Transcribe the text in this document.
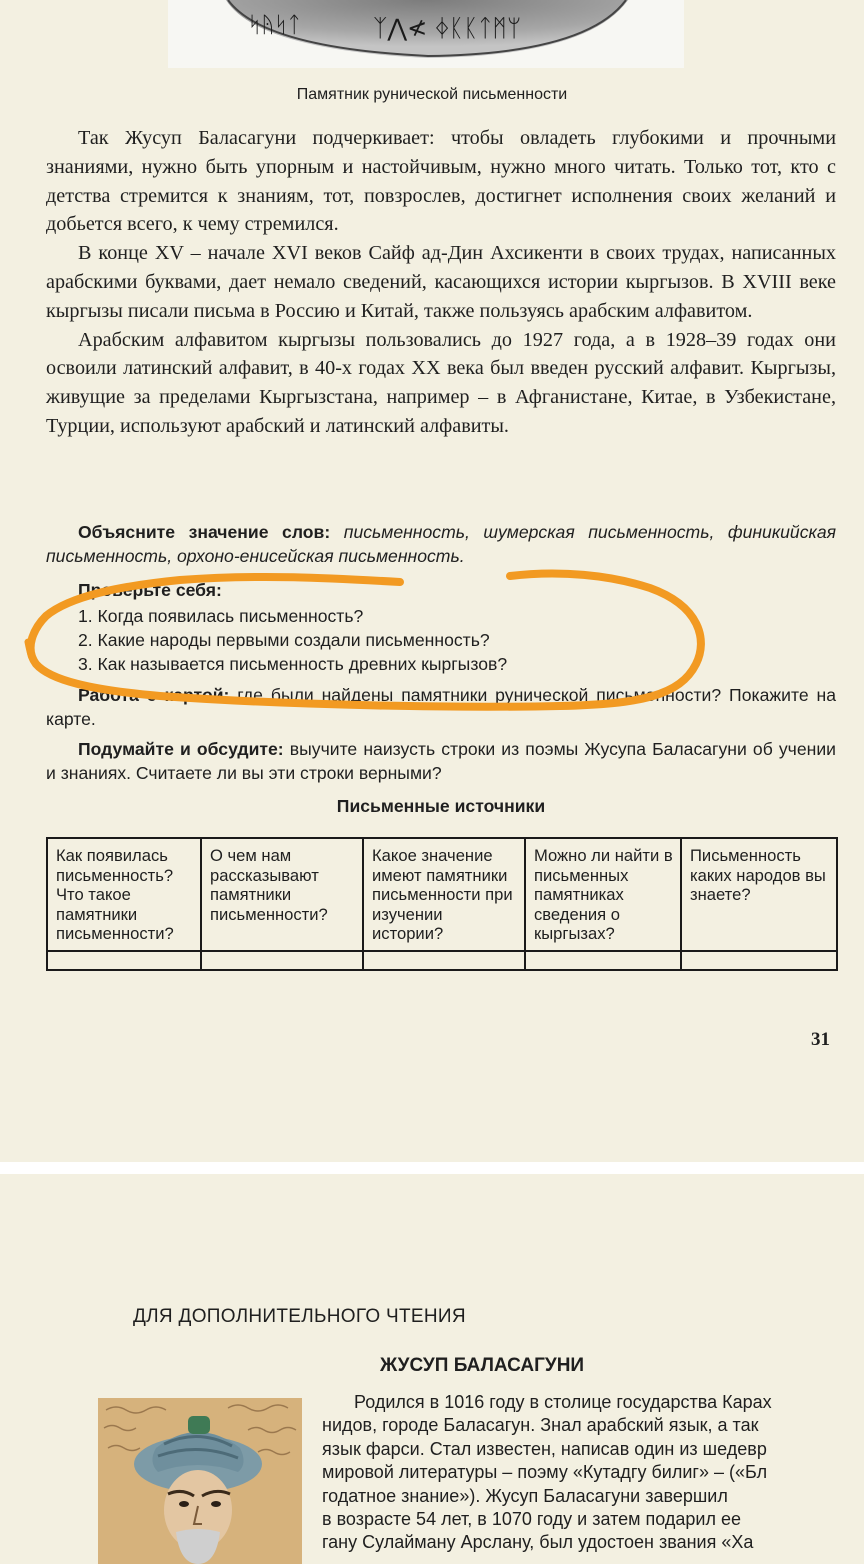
ᛋᚤᛋᛏ	ᛉ⋀≮ ᛄᛕᛕᛏᛗᛘ
Памятник рунической письменности

Так Жусуп Баласагуни подчеркивает: чтобы овладеть глубокими и прочными знаниями, нужно быть упорным и настойчивым, нужно много читать. Только тот, кто с детства стремится к знаниям, тот, повзрослев, достигнет исполнения своих желаний и добьется всего, к чему стремился.

В конце XV – начале XVI веков Сайф ад-Дин Ахсикенти в своих трудах, написанных арабскими буквами, дает немало сведений, касающихся истории кыргызов. В XVIII веке кыргызы писали письма в Россию и Китай, также пользуясь арабским алфавитом.

Арабским алфавитом кыргызы пользовались до 1927 года, а в 1928–39 годах они освоили латинский алфавит, в 40-х годах XX века был введен русский алфавит. Кыргызы, живущие за пределами Кыргызстана, например – в Афганистане, Китае, в Узбекистане, Турции, используют арабский и латинский алфавиты.

Объясните значение слов: письменность, шумерская письменность, финикийская письменность, орхоно-енисейская письменность.

Проверьте себя:

1. Когда появилась письменность?
2. Какие народы первыми создали письменность?
3. Как называется письменность древних кыргызов?

Работа с картой: где были найдены памятники рунической письменности? Покажите на карте.

Подумайте и обсудите: выучите наизусть строки из поэмы Жусупа Баласагуни об учении и знаниях. Считаете ли вы эти строки верными?

Письменные источники
Как появилась письменность? Что такое памятники письменности?	О чем нам рассказывают памятники письменности?	Какое значение имеют памятники письменности при изучении истории?	Можно ли найти в письменных памятниках сведения о кыргызах?	Письменность каких народов вы знаете?

31
ДЛЯ ДОПОЛНИТЕЛЬНОГО ЧТЕНИЯ
ЖУСУП БАЛАСАГУНИ
Родился в 1016 году в столице государства Карах
нидов, городе Баласагун. Знал арабский язык, а так
язык фарси. Стал известен, написав один из шедевр
мировой литературы – поэму «Кутадгу билиг» – («Бл
годатное знание»). Жусуп Баласагуни завершил
в возрасте 54 лет, в 1070 году и затем подарил ее
гану Сулайману Арслану, был удостоен звания «Ха
